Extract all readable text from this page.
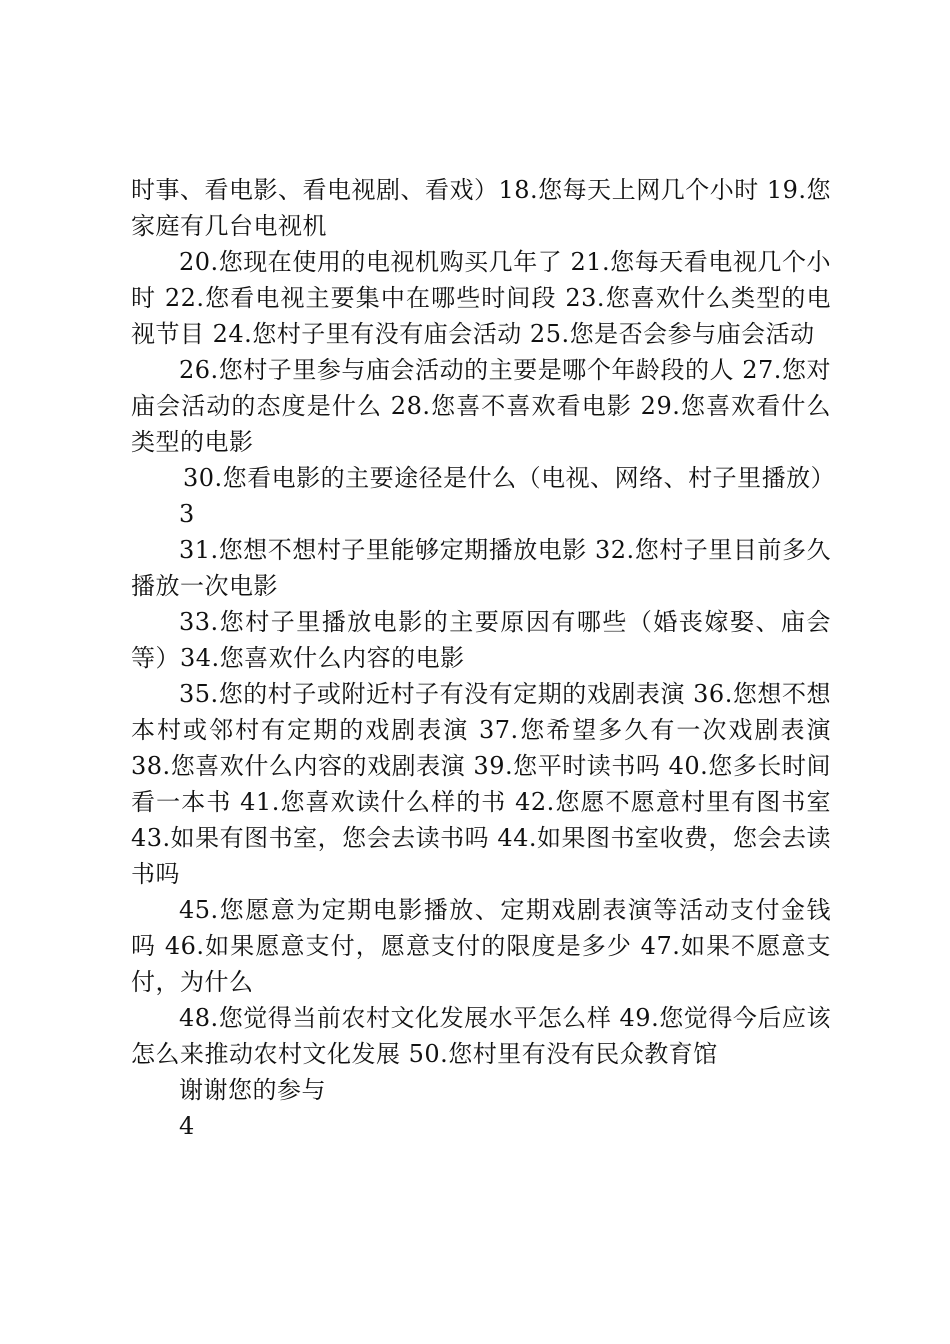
时事、看电影、看电视剧、看戏）18.您每天上网几个小时 19.您家庭有几台电视机

20.您现在使用的电视机购买几年了 21.您每天看电视几个小时 22.您看电视主要集中在哪些时间段 23.您喜欢什么类型的电视节目 24.您村子里有没有庙会活动 25.您是否会参与庙会活动

26.您村子里参与庙会活动的主要是哪个年龄段的人 27.您对庙会活动的态度是什么 28.您喜不喜欢看电影 29.您喜欢看什么类型的电影

30.您看电影的主要途径是什么（电视、网络、村子里播放）

3

31.您想不想村子里能够定期播放电影 32.您村子里目前多久播放一次电影

33.您村子里播放电影的主要原因有哪些（婚丧嫁娶、庙会等）34.您喜欢什么内容的电影

35.您的村子或附近村子有没有定期的戏剧表演 36.您想不想本村或邻村有定期的戏剧表演 37.您希望多久有一次戏剧表演 38.您喜欢什么内容的戏剧表演 39.您平时读书吗 40.您多长时间看一本书 41.您喜欢读什么样的书 42.您愿不愿意村里有图书室 43.如果有图书室，您会去读书吗 44.如果图书室收费，您会去读书吗

45.您愿意为定期电影播放、定期戏剧表演等活动支付金钱吗 46.如果愿意支付，愿意支付的限度是多少 47.如果不愿意支付，为什么

48.您觉得当前农村文化发展水平怎么样 49.您觉得今后应该怎么来推动农村文化发展 50.您村里有没有民众教育馆

谢谢您的参与

4
